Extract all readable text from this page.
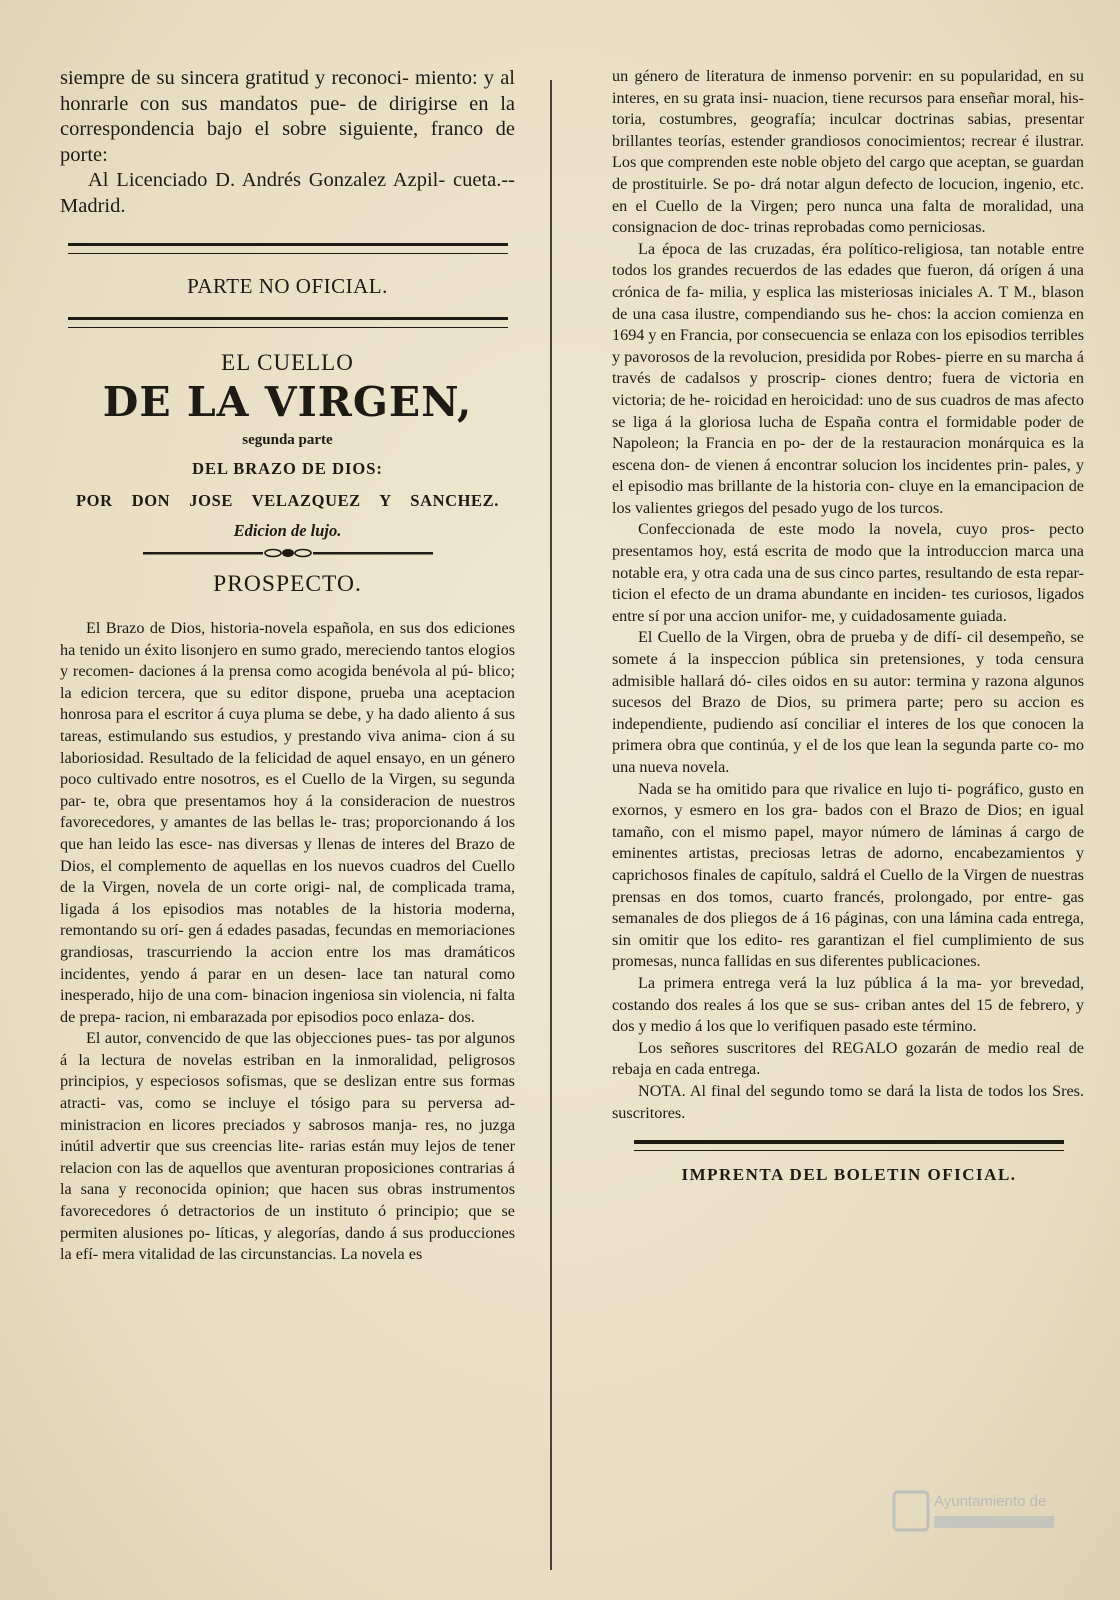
siempre de su sincera gratitud y reconoci- miento: y al honrarle con sus mandatos pue- de dirigirse en la correspondencia bajo el sobre siguiente, franco de porte:

Al Licenciado D. Andrés Gonzalez Azpil- cueta.--Madrid.

PARTE NO OFICIAL.
EL CUELLO
DE LA VIRGEN,
segunda parte
DEL BRAZO DE DIOS:
POR DON JOSE VELAZQUEZ Y SANCHEZ.
Edicion de lujo.
PROSPECTO.

El Brazo de Dios, historia-novela española, en sus dos ediciones ha tenido un éxito lisonjero en sumo grado, mereciendo tantos elogios y recomen- daciones á la prensa como acogida benévola al pú- blico; la edicion tercera, que su editor dispone, prueba una aceptacion honrosa para el escritor á cuya pluma se debe, y ha dado aliento á sus tareas, estimulando sus estudios, y prestando viva anima- cion á su laboriosidad. Resultado de la felicidad de aquel ensayo, en un género poco cultivado entre nosotros, es el Cuello de la Virgen, su segunda par- te, obra que presentamos hoy á la consideracion de nuestros favorecedores, y amantes de las bellas le- tras; proporcionando á los que han leido las esce- nas diversas y llenas de interes del Brazo de Dios, el complemento de aquellas en los nuevos cuadros del Cuello de la Virgen, novela de un corte origi- nal, de complicada trama, ligada á los episodios mas notables de la historia moderna, remontando su orí- gen á edades pasadas, fecundas en memoriaciones grandiosas, trascurriendo la accion entre los mas dramáticos incidentes, yendo á parar en un desen- lace tan natural como inesperado, hijo de una com- binacion ingeniosa sin violencia, ni falta de prepa- racion, ni embarazada por episodios poco enlaza- dos.

El autor, convencido de que las objecciones pues- tas por algunos á la lectura de novelas estriban en la inmoralidad, peligrosos principios, y especiosos sofismas, que se deslizan entre sus formas atracti- vas, como se incluye el tósigo para su perversa ad- ministracion en licores preciados y sabrosos manja- res, no juzga inútil advertir que sus creencias lite- rarias están muy lejos de tener relacion con las de aquellos que aventuran proposiciones contrarias á la sana y reconocida opinion; que hacen sus obras instrumentos favorecedores ó detractorios de un instituto ó principio; que se permiten alusiones po- líticas, y alegorías, dando á sus producciones la efí- mera vitalidad de las circunstancias. La novela es

un género de literatura de inmenso porvenir: en su popularidad, en su interes, en su grata insi- nuacion, tiene recursos para enseñar moral, his- toria, costumbres, geografía; inculcar doctrinas sabias, presentar brillantes teorías, estender grandiosos conocimientos; recrear é ilustrar. Los que comprenden este noble objeto del cargo que aceptan, se guardan de prostituirle. Se po- drá notar algun defecto de locucion, ingenio, etc. en el Cuello de la Virgen; pero nunca una falta de moralidad, una consignacion de doc- trinas reprobadas como perniciosas.

La época de las cruzadas, éra político-religiosa, tan notable entre todos los grandes recuerdos de las edades que fueron, dá orígen á una crónica de fa- milia, y esplica las misteriosas iniciales A. T M., blason de una casa ilustre, compendiando sus he- chos: la accion comienza en 1694 y en Francia, por consecuencia se enlaza con los episodios terribles y pavorosos de la revolucion, presidida por Robes- pierre en su marcha á través de cadalsos y proscrip- ciones dentro; fuera de victoria en victoria; de he- roicidad en heroicidad: uno de sus cuadros de mas afecto se liga á la gloriosa lucha de España contra el formidable poder de Napoleon; la Francia en po- der de la restauracion monárquica es la escena don- de vienen á encontrar solucion los incidentes prin- pales, y el episodio mas brillante de la historia con- cluye en la emancipacion de los valientes griegos del pesado yugo de los turcos.

Confeccionada de este modo la novela, cuyo pros- pecto presentamos hoy, está escrita de modo que la introduccion marca una notable era, y otra cada una de sus cinco partes, resultando de esta repar- ticion el efecto de un drama abundante en inciden- tes curiosos, ligados entre sí por una accion unifor- me, y cuidadosamente guiada.

El Cuello de la Virgen, obra de prueba y de difí- cil desempeño, se somete á la inspeccion pública sin pretensiones, y toda censura admisible hallará dó- ciles oidos en su autor: termina y razona algunos sucesos del Brazo de Dios, su primera parte; pero su accion es independiente, pudiendo así conciliar el interes de los que conocen la primera obra que continúa, y el de los que lean la segunda parte co- mo una nueva novela.

Nada se ha omitido para que rivalice en lujo ti- pográfico, gusto en exornos, y esmero en los gra- bados con el Brazo de Dios; en igual tamaño, con el mismo papel, mayor número de láminas á cargo de eminentes artistas, preciosas letras de adorno, encabezamientos y caprichosos finales de capítulo, saldrá el Cuello de la Virgen de nuestras prensas en dos tomos, cuarto francés, prolongado, por entre- gas semanales de dos pliegos de á 16 páginas, con una lámina cada entrega, sin omitir que los edito- res garantizan el fiel cumplimiento de sus promesas, nunca fallidas en sus diferentes publicaciones.

La primera entrega verá la luz pública á la ma- yor brevedad, costando dos reales á los que se sus- criban antes del 15 de febrero, y dos y medio á los que lo verifiquen pasado este término.

Los señores suscritores del REGALO gozarán de medio real de rebaja en cada entrega.

NOTA. Al final del segundo tomo se dará la lista de todos los Sres. suscritores.

IMPRENTA DEL BOLETIN OFICIAL.
Ayuntamiento de
